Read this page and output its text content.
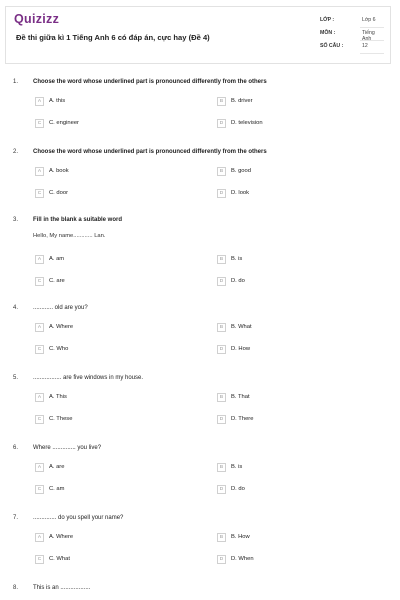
Quizizz
Đề thi giữa kì 1 Tiếng Anh 6 có đáp án, cực hay (Đề 4)
LỚP :	Lớp 6
MÔN :	Tiếng Anh
SỐ CÂU :	12
1. Choose the word whose underlined part is pronounced differently from the others
A	A. this	B	B. driver
C	C. engineer	D	D. television
2. Choose the word whose underlined part is pronounced differently from the others
A	A. book	B	B. good
C	C. door	D	D. look
3. Fill in the blank a suitable word
Hello, My name............ Lan.
A	A. am	B	B. is
C	C. are	D	D. do
4. ............ old are you?
A	A. Where	B	B. What
C	C. Who	D	D. How
5. ................. are five windows in my house.
A	A. This	B	B. That
C	C. These	D	D. There
6. Where .............. you live?
A	A. are	B	B. is
C	C. am	D	D. do
7. .............. do you spell your name?
A	A. Where	B	B. How
C	C. What	D	D. When
8. This is an ..................
